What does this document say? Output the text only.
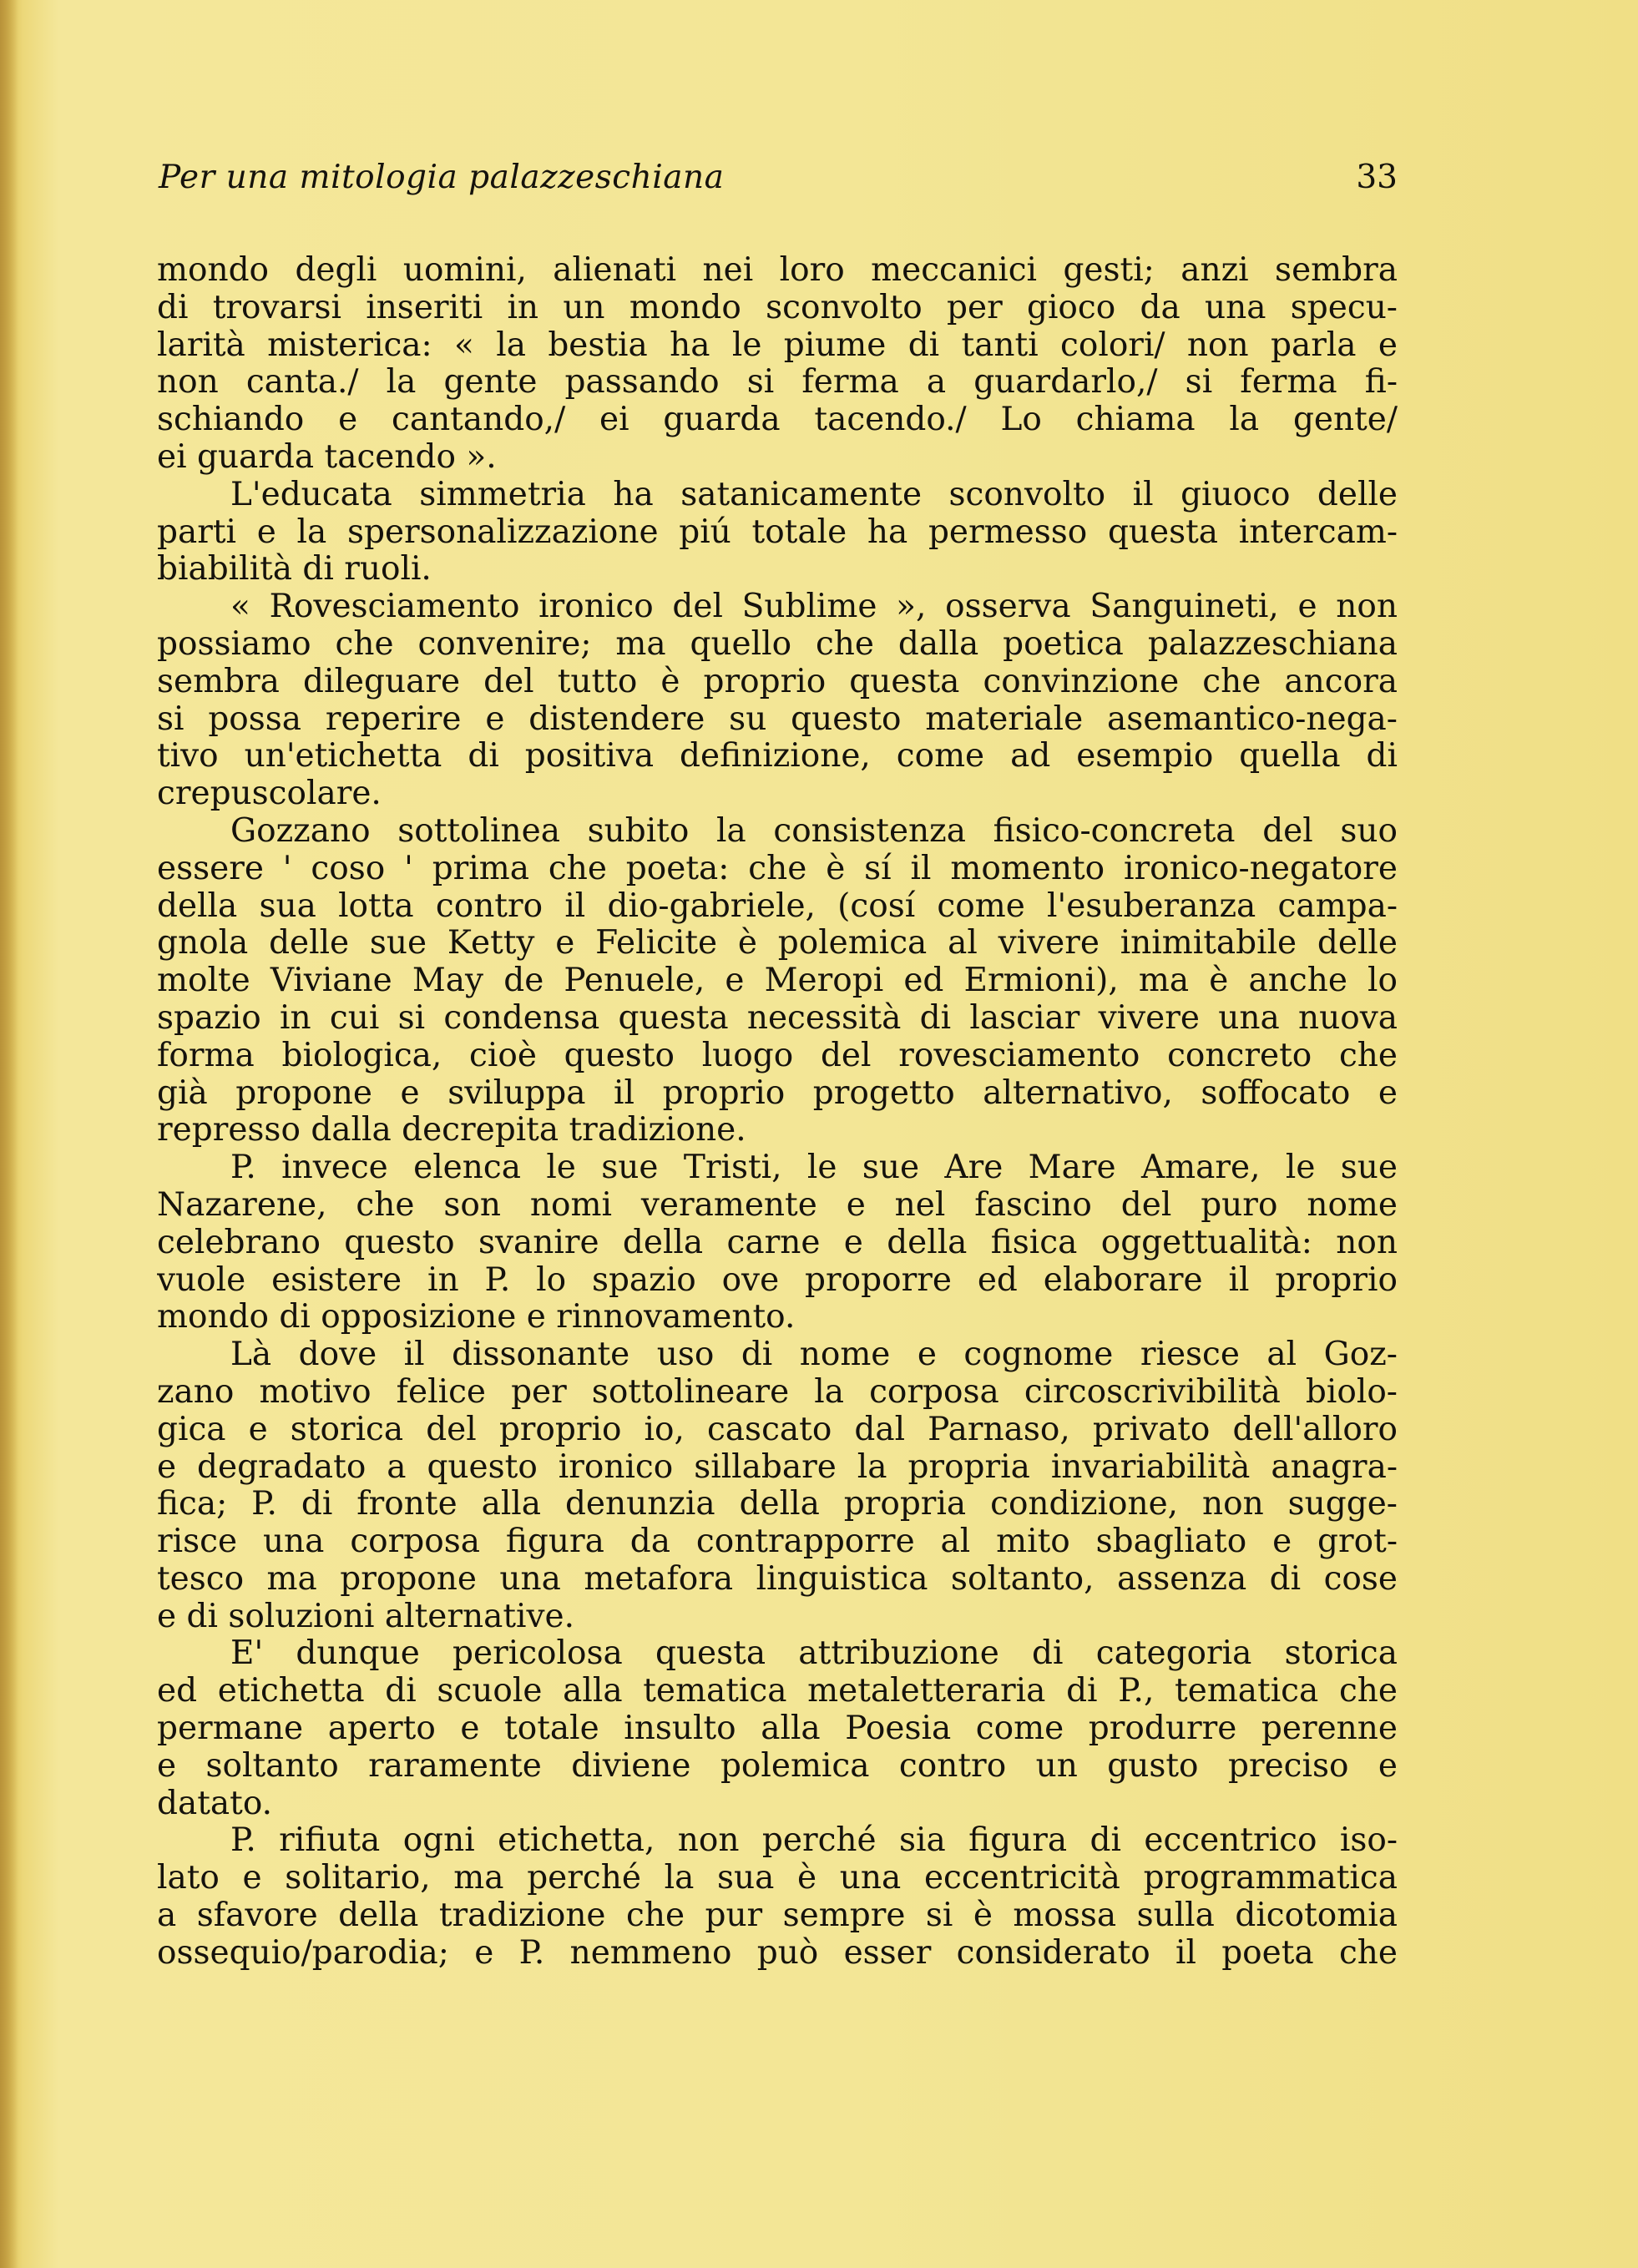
Per una mitologia palazzeschiana	33
mondo degli uomini, alienati nei loro meccanici gesti; anzi sembra
di trovarsi inseriti in un mondo sconvolto per gioco da una specu-
larità misterica: « la bestia ha le piume di tanti colori/ non parla e
non canta./ la gente passando si ferma a guardarlo,/ si ferma fi-
schiando e cantando,/ ei guarda tacendo./ Lo chiama la gente/
ei guarda tacendo ».
L'educata simmetria ha satanicamente sconvolto il giuoco delle
parti e la spersonalizzazione piú totale ha permesso questa intercam-
biabilità di ruoli.
« Rovesciamento ironico del Sublime », osserva Sanguineti, e non
possiamo che convenire; ma quello che dalla poetica palazzeschiana
sembra dileguare del tutto è proprio questa convinzione che ancora
si possa reperire e distendere su questo materiale asemantico-nega-
tivo un'etichetta di positiva definizione, come ad esempio quella di
crepuscolare.
Gozzano sottolinea subito la consistenza fisico-concreta del suo
essere ' coso ' prima che poeta: che è sí il momento ironico-negatore
della sua lotta contro il dio-gabriele, (cosí come l'esuberanza campa-
gnola delle sue Ketty e Felicite è polemica al vivere inimitabile delle
molte Viviane May de Penuele, e Meropi ed Ermioni), ma è anche lo
spazio in cui si condensa questa necessità di lasciar vivere una nuova
forma biologica, cioè questo luogo del rovesciamento concreto che
già propone e sviluppa il proprio progetto alternativo, soffocato e
represso dalla decrepita tradizione.
P. invece elenca le sue Tristi, le sue Are Mare Amare, le sue
Nazarene, che son nomi veramente e nel fascino del puro nome
celebrano questo svanire della carne e della fisica oggettualità: non
vuole esistere in P. lo spazio ove proporre ed elaborare il proprio
mondo di opposizione e rinnovamento.
Là dove il dissonante uso di nome e cognome riesce al Goz-
zano motivo felice per sottolineare la corposa circoscrivibilità biolo-
gica e storica del proprio io, cascato dal Parnaso, privato dell'alloro
e degradato a questo ironico sillabare la propria invariabilità anagra-
fica; P. di fronte alla denunzia della propria condizione, non sugge-
risce una corposa figura da contrapporre al mito sbagliato e grot-
tesco ma propone una metafora linguistica soltanto, assenza di cose
e di soluzioni alternative.
E' dunque pericolosa questa attribuzione di categoria storica
ed etichetta di scuole alla tematica metaletteraria di P., tematica che
permane aperto e totale insulto alla Poesia come produrre perenne
e soltanto raramente diviene polemica contro un gusto preciso e
datato.
P. rifiuta ogni etichetta, non perché sia figura di eccentrico iso-
lato e solitario, ma perché la sua è una eccentricità programmatica
a sfavore della tradizione che pur sempre si è mossa sulla dicotomia
ossequio/parodia; e P. nemmeno può esser considerato il poeta che
